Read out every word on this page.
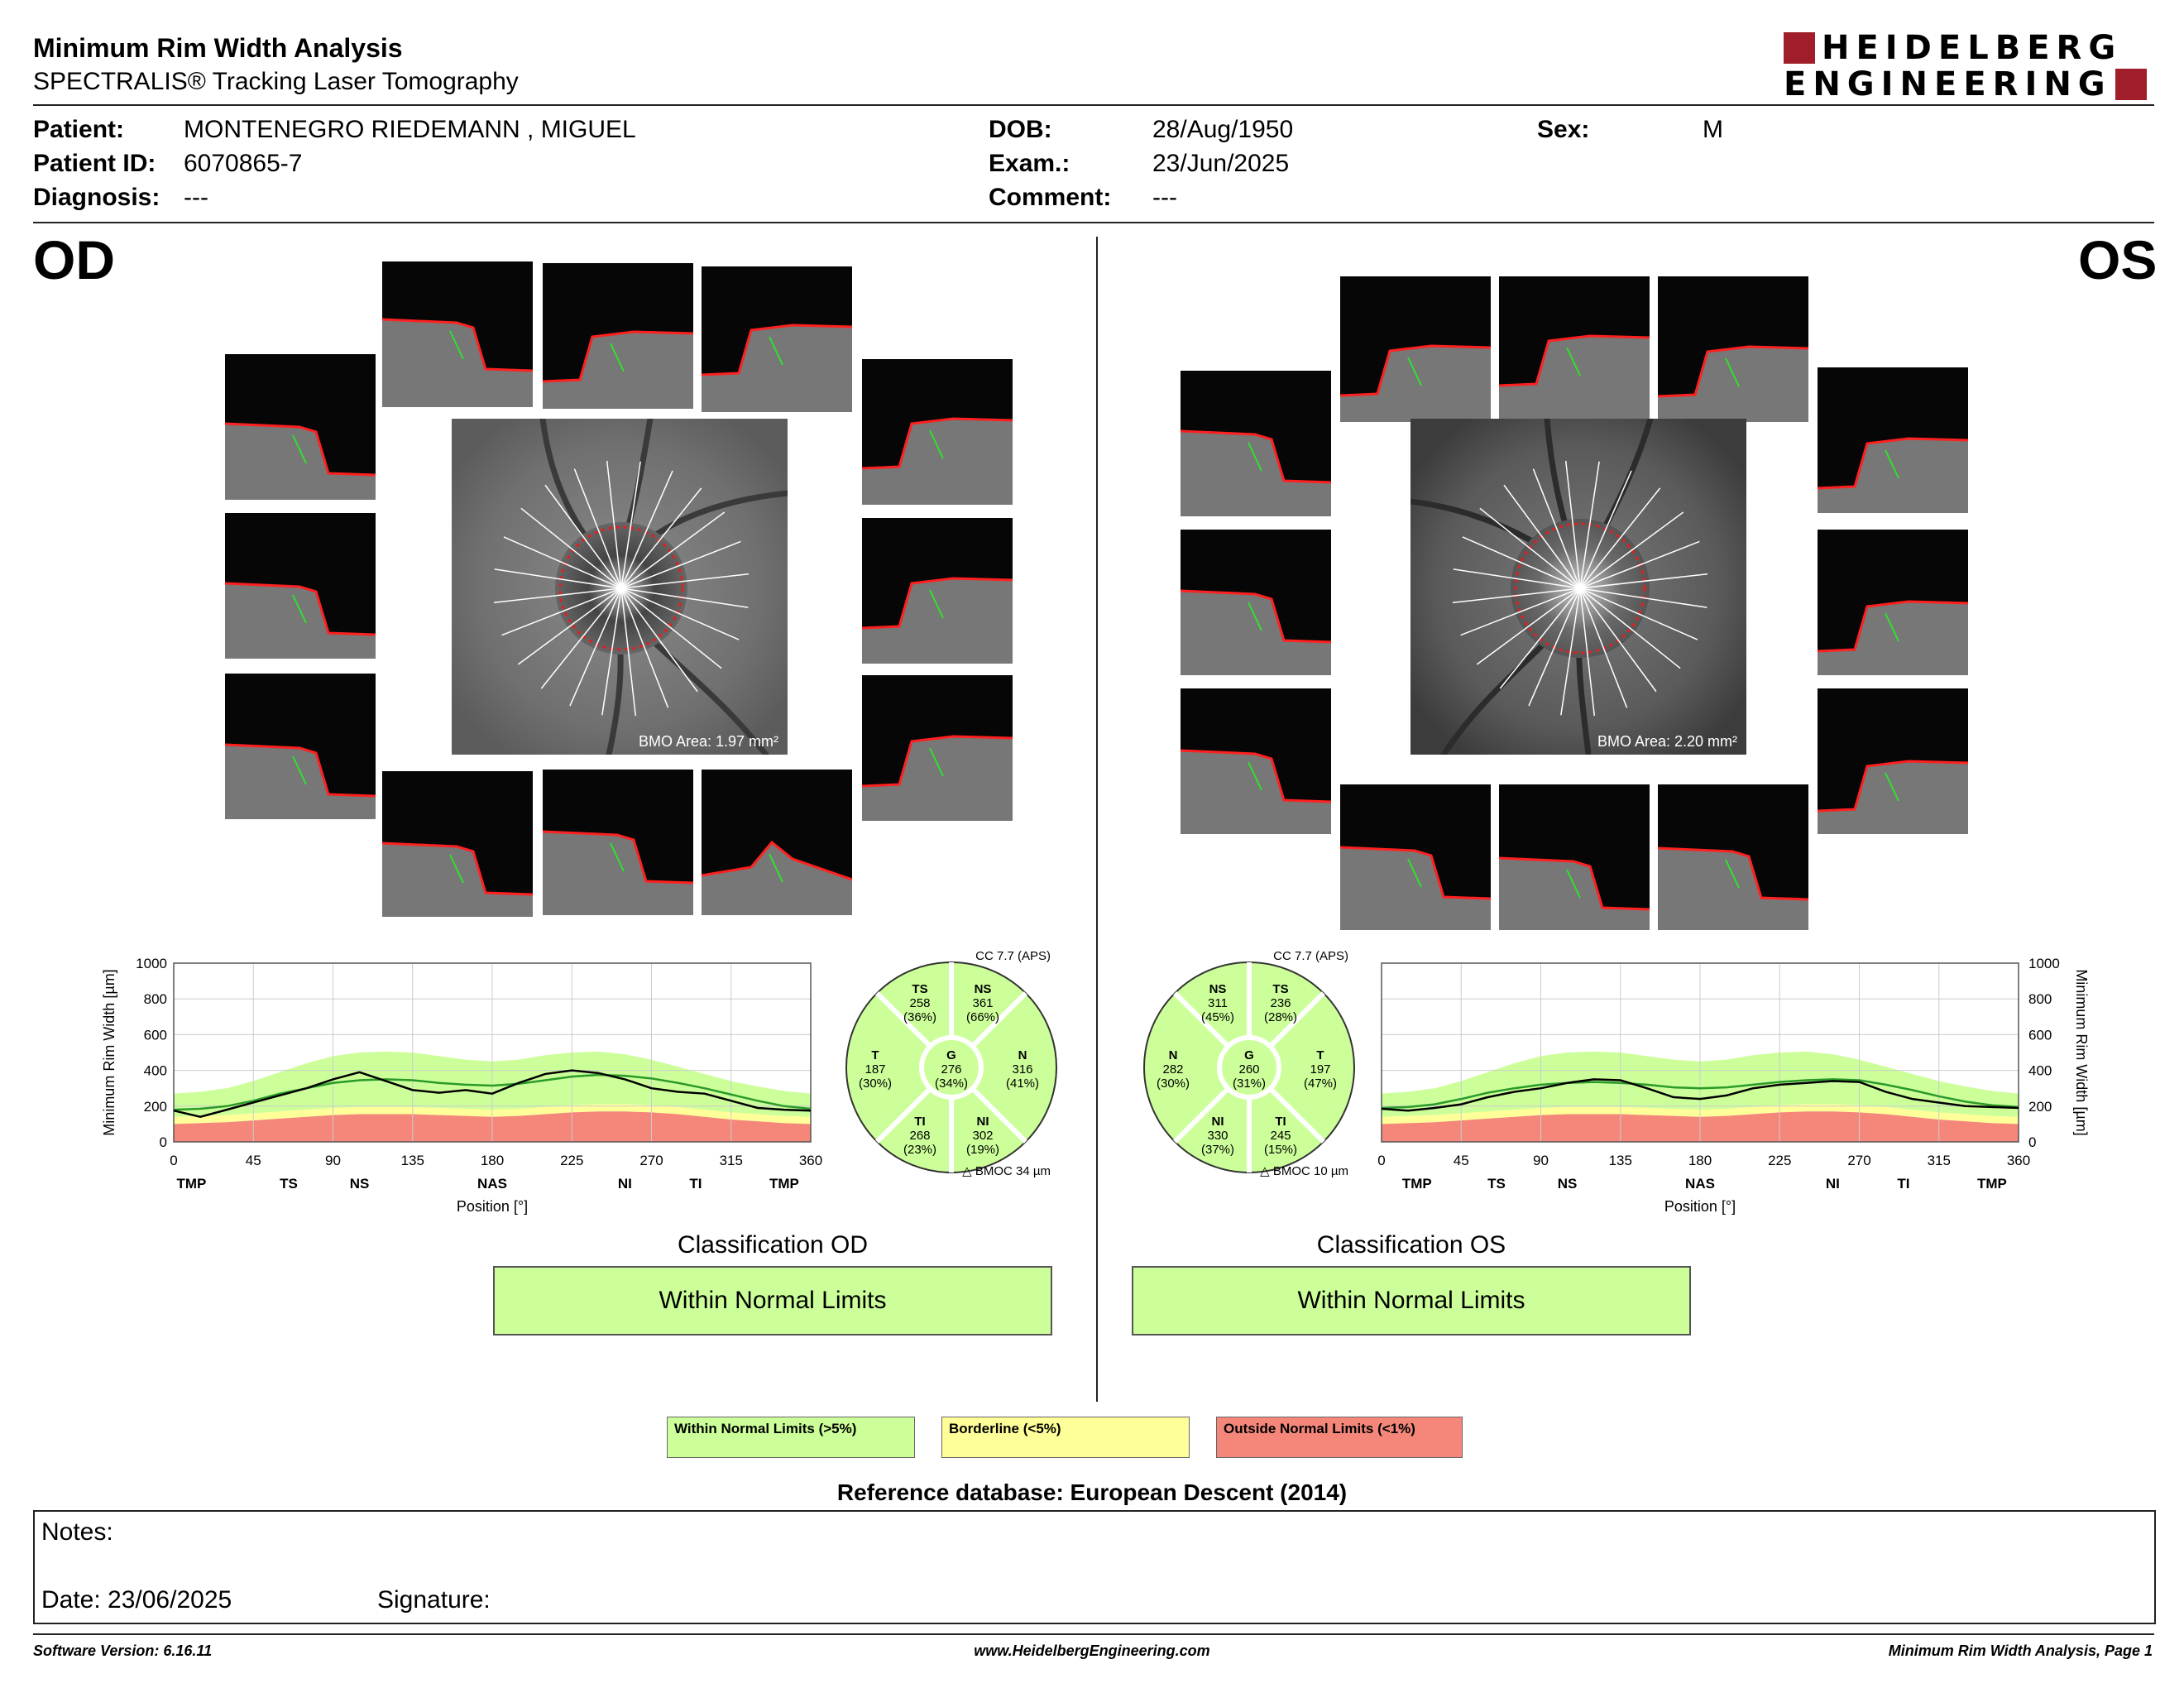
Minimum Rim Width Analysis
SPECTRALIS® Tracking Laser Tomography
HEIDELBERG
ENGINEERING
Patient: MONTENEGRO RIEDEMANN , MIGUEL
Patient ID: 6070865-7
Diagnosis: ---
DOB:	28/Aug/1950
Exam.:	23/Jun/2025
Comment: ---
Sex:	M
OD	OS
BMO Area: 1.97 mm²	BMO Area: 2.20 mm²
0
200
400
600
800
1000
0	45	90	135	180	225	270	315	360
TMP	TS	NS	NAS	NI	TI	TMP
Position [°]
Minimum Rim Width [µm]
0
200
400
600
800
1000
0	45	90	135	180	225	270	315	360
TMP	TS	NS	NAS	NI	TI	TMP
Position [°]
Minimum Rim Width [µm]
CC 7.7 (APS)
TS
258
(36%)
NS
361
(66%)
T
187
(30%)
G
276
(34%)
N
316
(41%)
TI
268
(23%)
NI
302
(19%)
△ BMOC 34 µm
CC 7.7 (APS)
NS
311
(45%)
TS
236
(28%)
N
282
(30%)
G
260
(31%)
T
197
(47%)
NI
330
(37%)
TI
245
(15%)
△ BMOC 10 µm
Classification OD
Within Normal Limits
Classification OS
Within Normal Limits
Within Normal Limits (>5%)	Borderline (<5%)	Outside Normal Limits (<1%)
Reference database: European Descent (2014)
Notes:
Date: 23/06/2025	Signature:
Software Version: 6.16.11	www.HeidelbergEngineering.com	Minimum Rim Width Analysis, Page 1
